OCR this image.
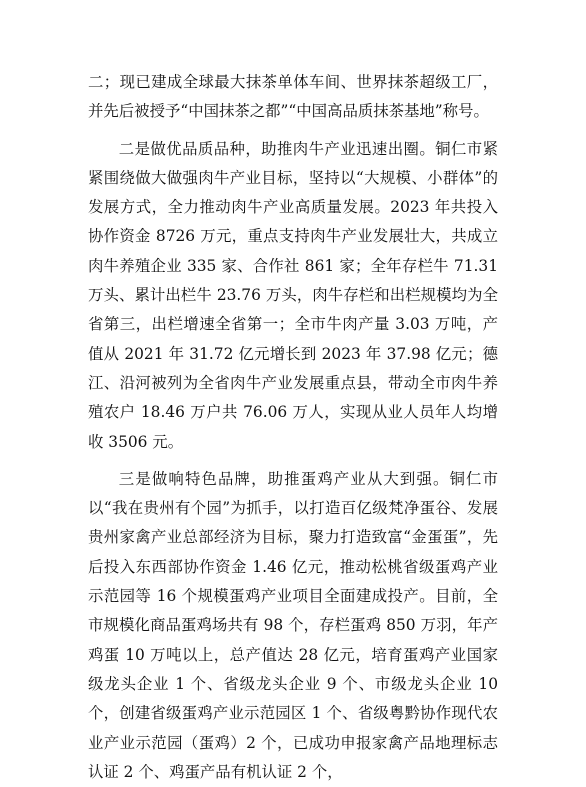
二；现已建成全球最大抹茶单体车间、世界抹茶超级工厂，并先后被授予“中国抹茶之都”“中国高品质抹茶基地”称号。

二是做优品质品种，助推肉牛产业迅速出圈。铜仁市紧紧围绕做大做强肉牛产业目标，坚持以“大规模、小群体”的发展方式，全力推动肉牛产业高质量发展。2023 年共投入协作资金 8726 万元，重点支持肉牛产业发展壮大，共成立肉牛养殖企业 335 家、合作社 861 家；全年存栏牛 71.31 万头、累计出栏牛 23.76 万头，肉牛存栏和出栏规模均为全省第三，出栏增速全省第一；全市牛肉产量 3.03 万吨，产值从 2021 年 31.72 亿元增长到 2023 年 37.98 亿元；德江、沿河被列为全省肉牛产业发展重点县，带动全市肉牛养殖农户 18.46 万户共 76.06 万人，实现从业人员年人均增收 3506 元。

三是做响特色品牌，助推蛋鸡产业从大到强。铜仁市以“我在贵州有个园”为抓手，以打造百亿级梵净蛋谷、发展贵州家禽产业总部经济为目标，聚力打造致富“金蛋蛋”，先后投入东西部协作资金 1.46 亿元，推动松桃省级蛋鸡产业示范园等 16 个规模蛋鸡产业项目全面建成投产。目前，全市规模化商品蛋鸡场共有 98 个，存栏蛋鸡 850 万羽，年产鸡蛋 10 万吨以上，总产值达 28 亿元，培育蛋鸡产业国家级龙头企业 1 个、省级龙头企业 9 个、市级龙头企业 10 个，创建省级蛋鸡产业示范园区 1 个、省级粤黔协作现代农业产业示范园（蛋鸡）2 个，已成功申报家禽产品地理标志认证 2 个、鸡蛋产品有机认证 2 个，
